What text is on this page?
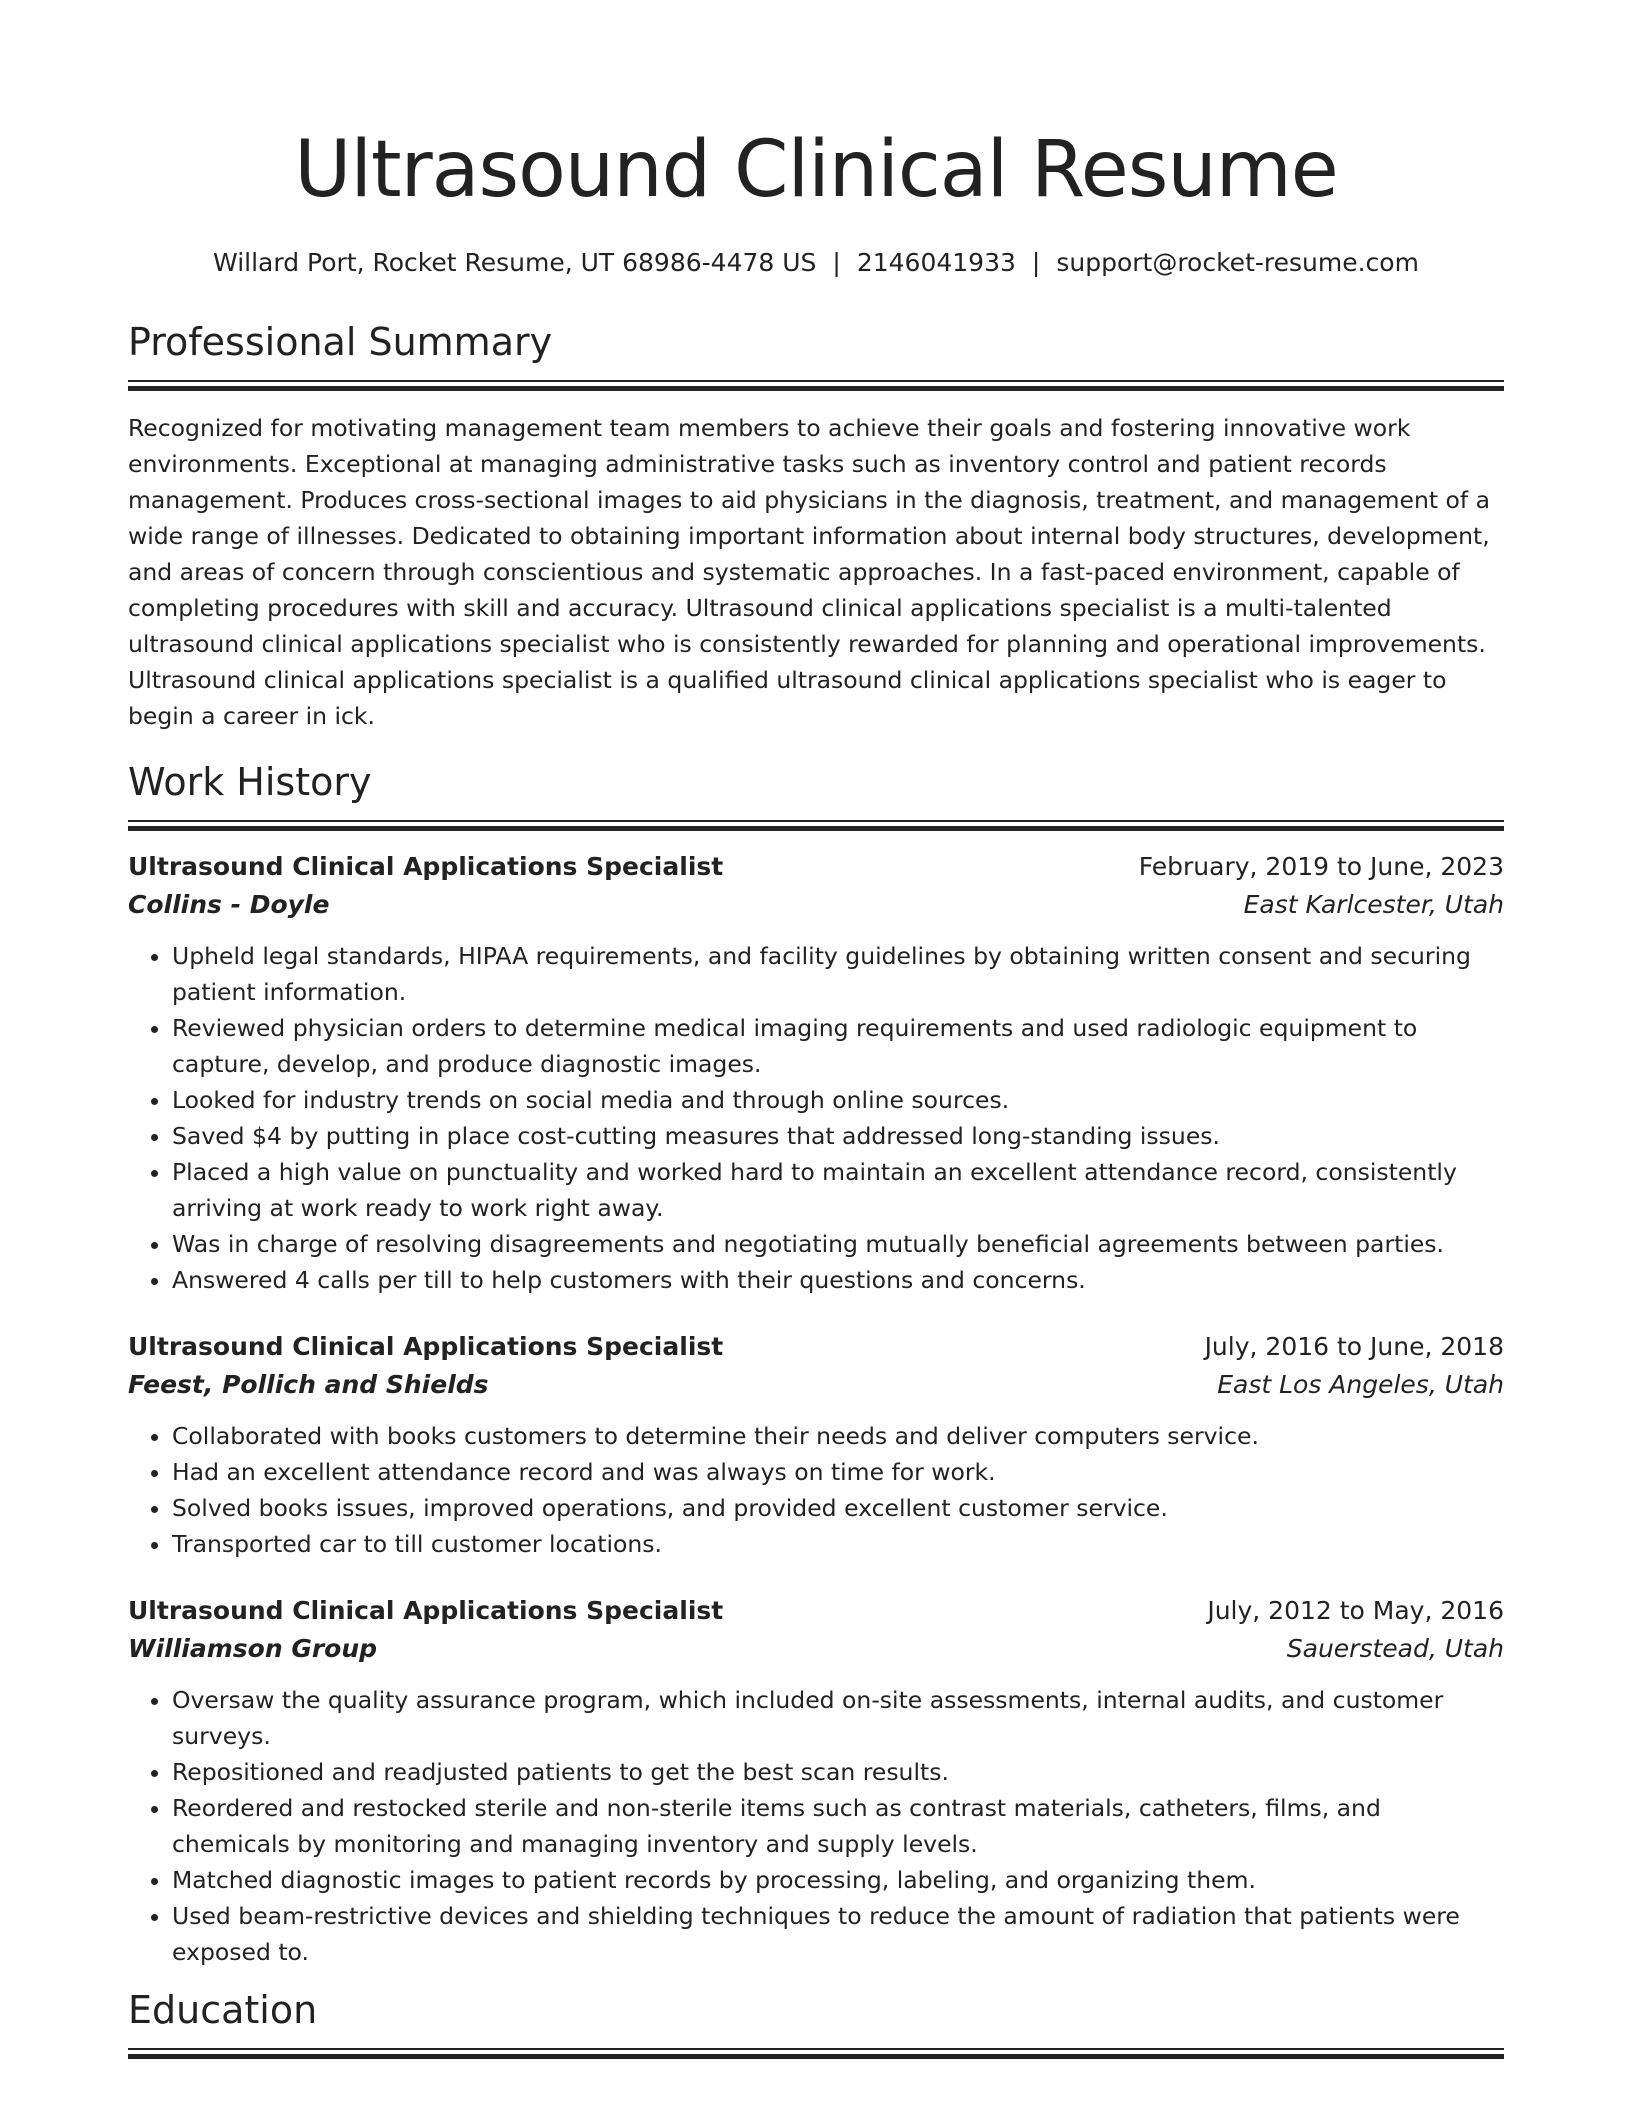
Ultrasound Clinical Resume
Willard Port, Rocket Resume, UT 68986-4478 US | 2146041933 | support@rocket-resume.com
Professional Summary

Recognized for motivating management team members to achieve their goals and fostering innovative work environments. Exceptional at managing administrative tasks such as inventory control and patient records management. Produces cross-sectional images to aid physicians in the diagnosis, treatment, and management of a wide range of illnesses. Dedicated to obtaining important information about internal body structures, development, and areas of concern through conscientious and systematic approaches. In a fast-paced environment, capable of completing procedures with skill and accuracy. Ultrasound clinical applications specialist is a multi-talented ultrasound clinical applications specialist who is consistently rewarded for planning and operational improvements. Ultrasound clinical applications specialist is a qualified ultrasound clinical applications specialist who is eager to begin a career in ick.

Work History
Ultrasound Clinical Applications Specialist	February, 2019 to June, 2023
Collins - Doyle	East Karlcester, Utah
• Upheld legal standards, HIPAA requirements, and facility guidelines by obtaining written consent and securing patient information.
• Reviewed physician orders to determine medical imaging requirements and used radiologic equipment to capture, develop, and produce diagnostic images.
• Looked for industry trends on social media and through online sources.
• Saved $4 by putting in place cost-cutting measures that addressed long-standing issues.
• Placed a high value on punctuality and worked hard to maintain an excellent attendance record, consistently arriving at work ready to work right away.
• Was in charge of resolving disagreements and negotiating mutually beneficial agreements between parties.
• Answered 4 calls per till to help customers with their questions and concerns.
Ultrasound Clinical Applications Specialist	July, 2016 to June, 2018
Feest, Pollich and Shields	East Los Angeles, Utah
• Collaborated with books customers to determine their needs and deliver computers service.
• Had an excellent attendance record and was always on time for work.
• Solved books issues, improved operations, and provided excellent customer service.
• Transported car to till customer locations.
Ultrasound Clinical Applications Specialist	July, 2012 to May, 2016
Williamson Group	Sauerstead, Utah
• Oversaw the quality assurance program, which included on-site assessments, internal audits, and customer surveys.
• Repositioned and readjusted patients to get the best scan results.
• Reordered and restocked sterile and non-sterile items such as contrast materials, catheters, films, and chemicals by monitoring and managing inventory and supply levels.
• Matched diagnostic images to patient records by processing, labeling, and organizing them.
• Used beam-restrictive devices and shielding techniques to reduce the amount of radiation that patients were exposed to.
Education
